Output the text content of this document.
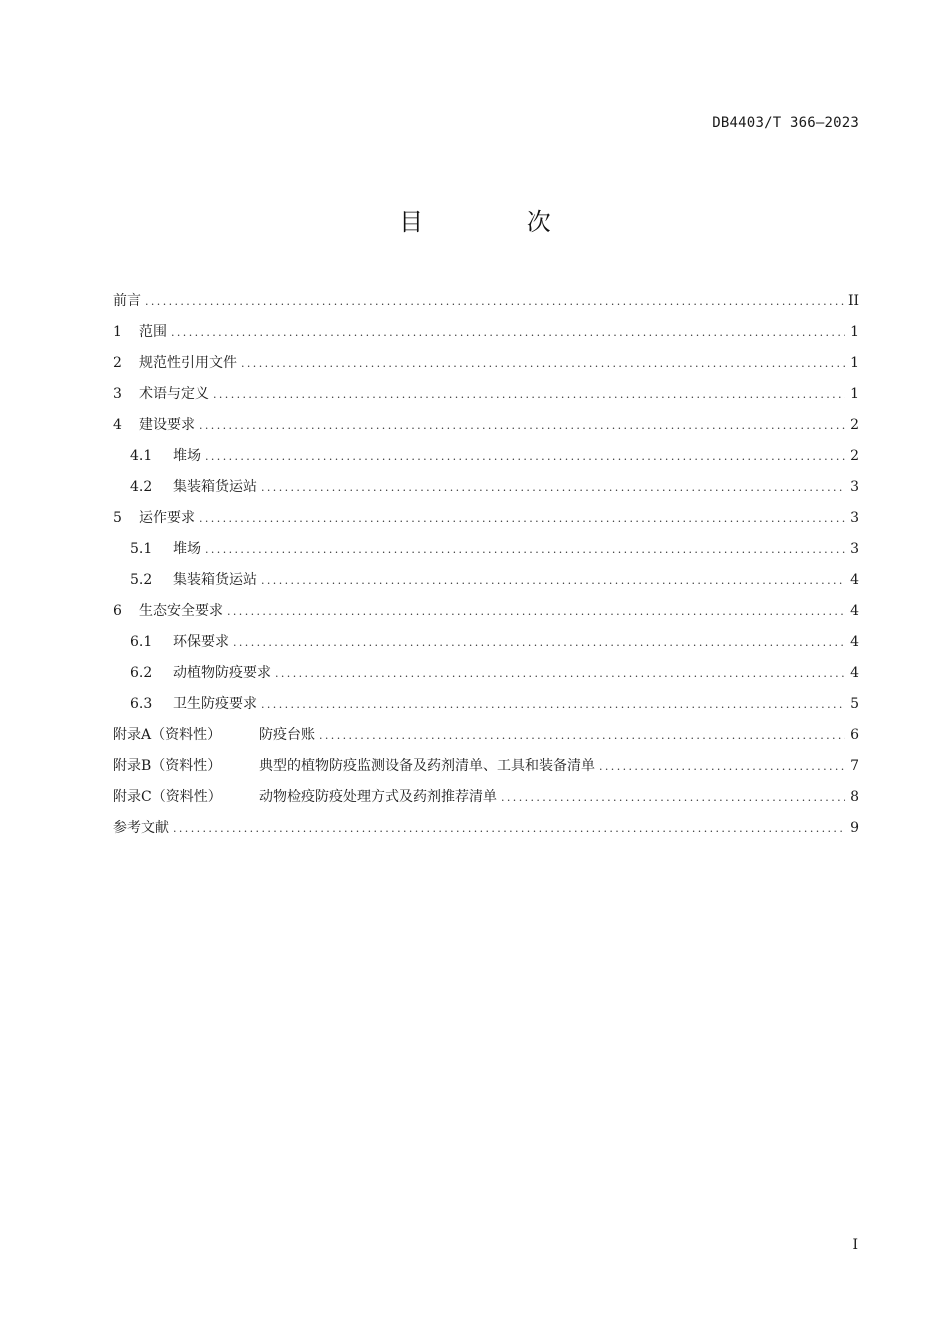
DB4403/T 366—2023
目 次
前言 .....	II
1	范围 .....	1
2	规范性引用文件 .....	1
3	术语与定义 .....	1
4	建设要求 .....	2
4.1	堆场 .....	2
4.2	集装箱货运站 .....	3
5	运作要求 .....	3
5.1	堆场 .....	3
5.2	集装箱货运站 .....	4
6	生态安全要求 .....	4
6.1	环保要求 .....	4
6.2	动植物防疫要求 .....	4
6.3	卫生防疫要求 .....	5
附录A（资料性）	防疫台账 .....	6
附录B（资料性）	典型的植物防疫监测设备及药剂清单、工具和装备清单 .....	7
附录C（资料性）	动物检疫防疫处理方式及药剂推荐清单 .....	8
参考文献 .....	9
I
